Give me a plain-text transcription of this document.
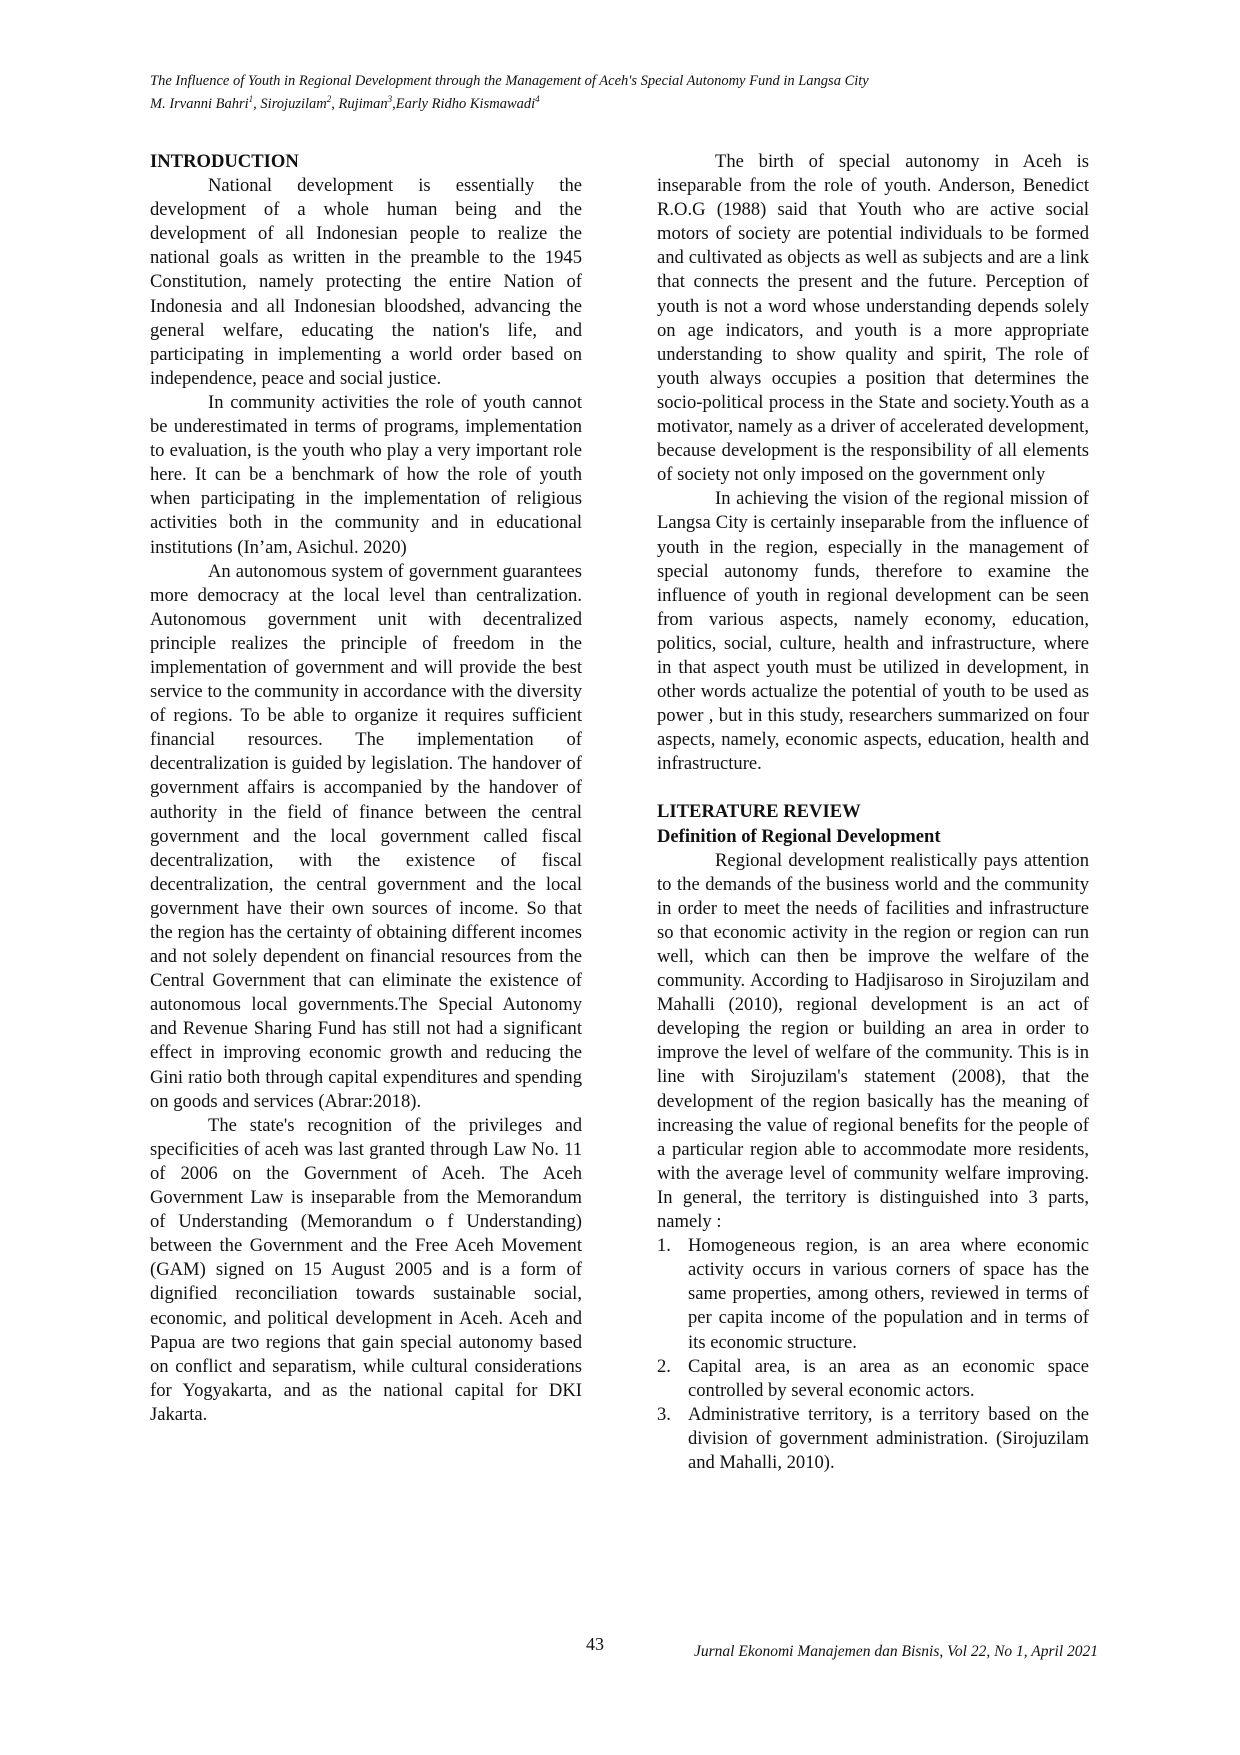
The Influence of Youth in Regional Development through the Management of Aceh's Special Autonomy Fund in Langsa City
M. Irvanni Bahri$^1$, Sirojuzilam$^2$, Rujiman$^3$,Early Ridho Kismawadi$^4$
INTRODUCTION

National development is essentially the development of a whole human being and the development of all Indonesian people to realize the national goals as written in the preamble to the 1945 Constitution, namely protecting the entire Nation of Indonesia and all Indonesian bloodshed, advancing the general welfare, educating the nation's life, and participating in implementing a world order based on independence, peace and social justice.

In community activities the role of youth cannot be underestimated in terms of programs, implementation to evaluation, is the youth who play a very important role here. It can be a benchmark of how the role of youth when participating in the implementation of religious activities both in the community and in educational institutions (In’am, Asichul. 2020)

An autonomous system of government guarantees more democracy at the local level than centralization. Autonomous government unit with decentralized principle realizes the principle of freedom in the implementation of government and will provide the best service to the community in accordance with the diversity of regions. To be able to organize it requires sufficient financial resources. The implementation of decentralization is guided by legislation. The handover of government affairs is accompanied by the handover of authority in the field of finance between the central government and the local government called fiscal decentralization, with the existence of fiscal decentralization, the central government and the local government have their own sources of income. So that the region has the certainty of obtaining different incomes and not solely dependent on financial resources from the Central Government that can eliminate the existence of autonomous local governments.The Special Autonomy and Revenue Sharing Fund has still not had a significant effect in improving economic growth and reducing the Gini ratio both through capital expenditures and spending on goods and services (Abrar:2018).

The state's recognition of the privileges and specificities of aceh was last granted through Law No. 11 of 2006 on the Government of Aceh. The Aceh Government Law is inseparable from the Memorandum of Understanding (Memorandum o f Understanding) between the Government and the Free Aceh Movement (GAM) signed on 15 August 2005 and is a form of dignified reconciliation towards sustainable social, economic, and political development in Aceh. Aceh and Papua are two regions that gain special autonomy based on conflict and separatism, while cultural considerations for Yogyakarta, and as the national capital for DKI Jakarta.

The birth of special autonomy in Aceh is inseparable from the role of youth. Anderson, Benedict R.O.G (1988) said that Youth who are active social motors of society are potential individuals to be formed and cultivated as objects as well as subjects and are a link that connects the present and the future. Perception of youth is not a word whose understanding depends solely on age indicators, and youth is a more appropriate understanding to show quality and spirit, The role of youth always occupies a position that determines the socio-political process in the State and society.Youth as a motivator, namely as a driver of accelerated development, because development is the responsibility of all elements of society not only imposed on the government only

In achieving the vision of the regional mission of Langsa City is certainly inseparable from the influence of youth in the region, especially in the management of special autonomy funds, therefore to examine the influence of youth in regional development can be seen from various aspects, namely economy, education, politics, social, culture, health and infrastructure, where in that aspect youth must be utilized in development, in other words actualize the potential of youth to be used as power , but in this study, researchers summarized on four aspects, namely, economic aspects, education, health and infrastructure.

LITERATURE REVIEW
Definition of Regional Development

Regional development realistically pays attention to the demands of the business world and the community in order to meet the needs of facilities and infrastructure so that economic activity in the region or region can run well, which can then be improve the welfare of the community. According to Hadjisaroso in Sirojuzilam and Mahalli (2010), regional development is an act of developing the region or building an area in order to improve the level of welfare of the community. This is in line with Sirojuzilam's statement (2008), that the development of the region basically has the meaning of increasing the value of regional benefits for the people of a particular region able to accommodate more residents, with the average level of community welfare improving. In general, the territory is distinguished into 3 parts, namely :

1. Homogeneous region, is an area where economic activity occurs in various corners of space has the same properties, among others, reviewed in terms of per capita income of the population and in terms of its economic structure.
2. Capital area, is an area as an economic space controlled by several economic actors.
3. Administrative territory, is a territory based on the division of government administration. (Sirojuzilam and Mahalli, 2010).
43	Jurnal Ekonomi Manajemen dan Bisnis, Vol 22, No 1, April 2021
